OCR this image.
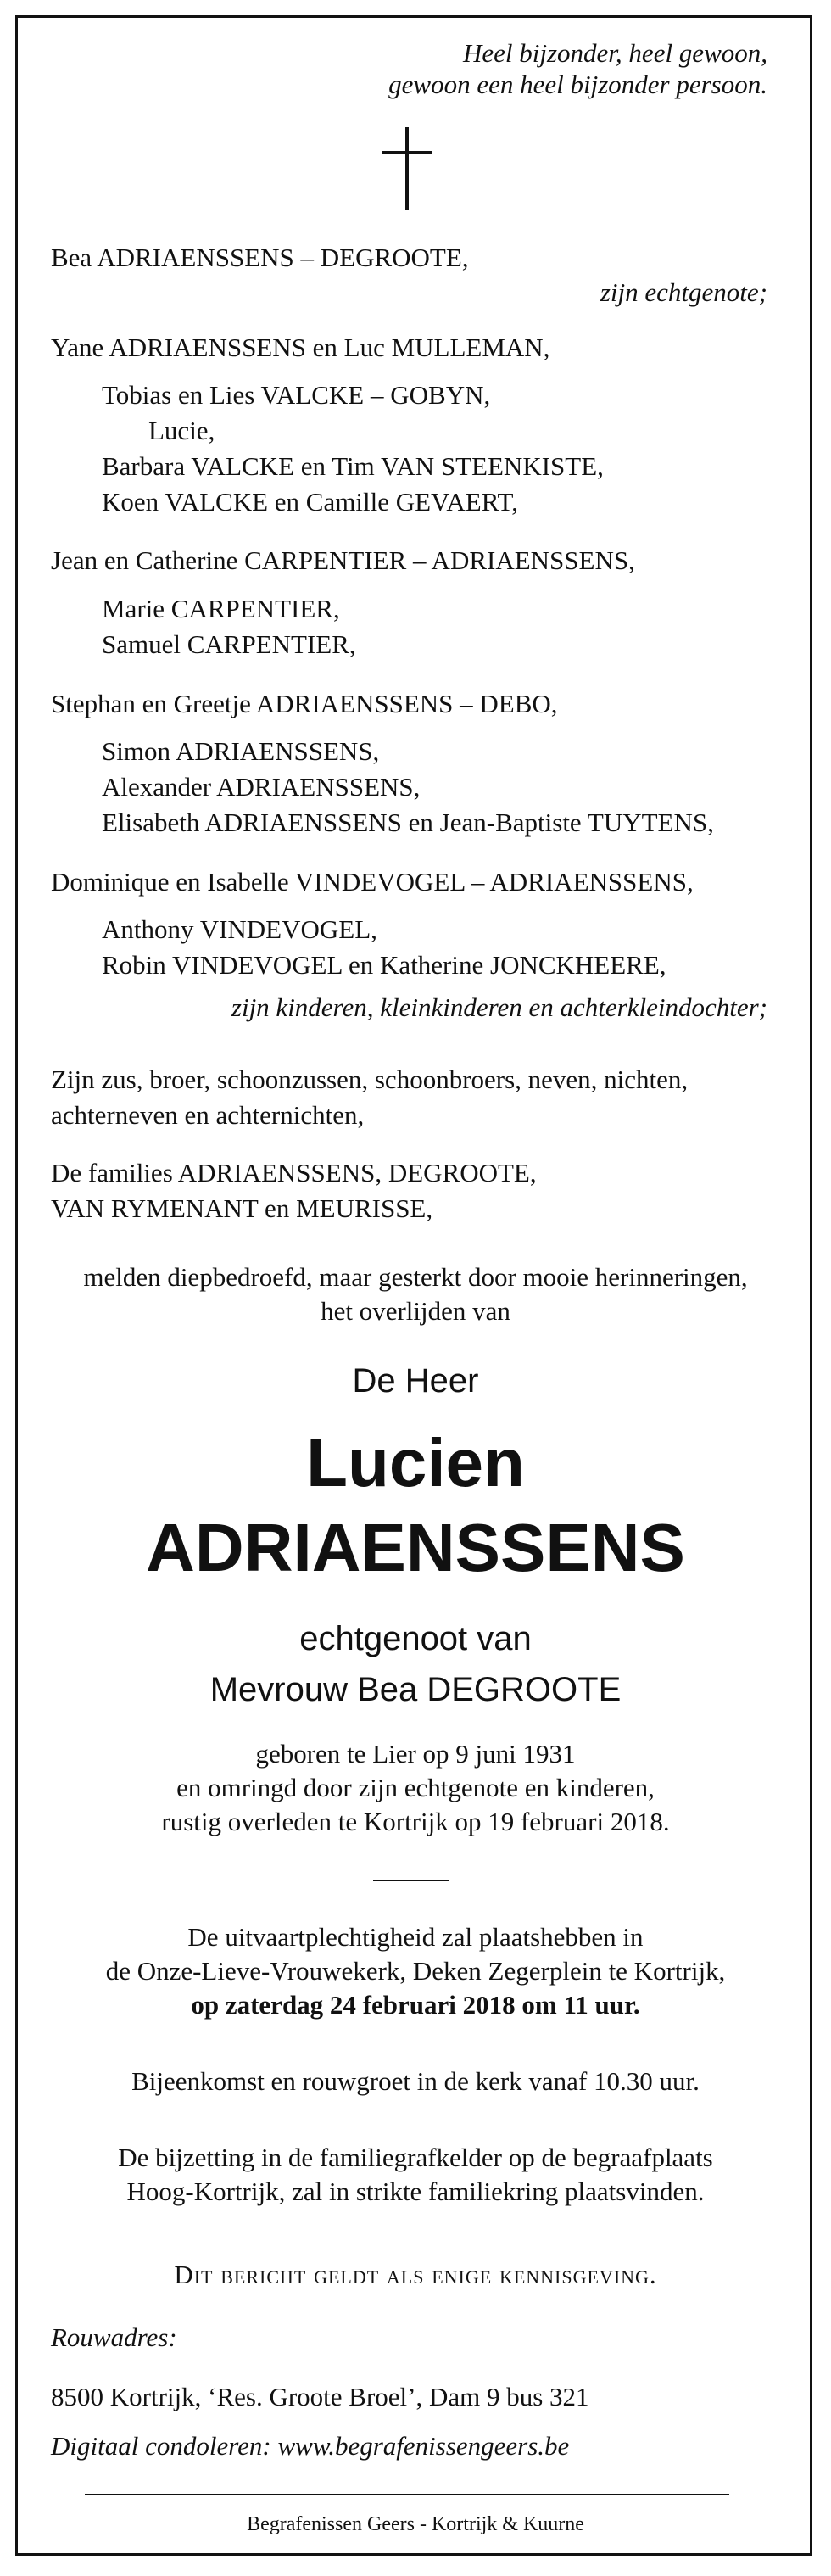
Heel bijzonder, heel gewoon,
gewoon een heel bijzonder persoon.
Bea ADRIAENSSENS – DEGROOTE,
zijn echtgenote;
Yane ADRIAENSSENS en Luc MULLEMAN,
Tobias en Lies VALCKE – GOBYN,
Lucie,
Barbara VALCKE en Tim VAN STEENKISTE,
Koen VALCKE en Camille GEVAERT,
Jean en Catherine CARPENTIER – ADRIAENSSENS,
Marie CARPENTIER,
Samuel CARPENTIER,
Stephan en Greetje ADRIAENSSENS – DEBO,
Simon ADRIAENSSENS,
Alexander ADRIAENSSENS,
Elisabeth ADRIAENSSENS en Jean-Baptiste TUYTENS,
Dominique en Isabelle VINDEVOGEL – ADRIAENSSENS,
Anthony VINDEVOGEL,
Robin VINDEVOGEL en Katherine JONCKHEERE,
zijn kinderen, kleinkinderen en achterkleindochter;
Zijn zus, broer, schoonzussen, schoonbroers, neven, nichten,
achterneven en achternichten,
De families ADRIAENSSENS, DEGROOTE,
VAN RYMENANT en MEURISSE,
melden diepbedroefd, maar gesterkt door mooie herinneringen,
het overlijden van
De Heer
Lucien
ADRIAENSSENS
echtgenoot van
Mevrouw Bea DEGROOTE
geboren te Lier op 9 juni 1931
en omringd door zijn echtgenote en kinderen,
rustig overleden te Kortrijk op 19 februari 2018.
De uitvaartplechtigheid zal plaatshebben in
de Onze-Lieve-Vrouwekerk, Deken Zegerplein te Kortrijk,
op zaterdag 24 februari 2018 om 11 uur.
Bijeenkomst en rouwgroet in de kerk vanaf 10.30 uur.
De bijzetting in de familiegrafkelder op de begraafplaats
Hoog-Kortrijk, zal in strikte familiekring plaatsvinden.
Dit bericht geldt als enige kennisgeving.
Rouwadres:
8500 Kortrijk, ‘Res. Groote Broel’, Dam 9 bus 321
Digitaal condoleren: www.begrafenissengeers.be
Begrafenissen Geers - Kortrijk & Kuurne
